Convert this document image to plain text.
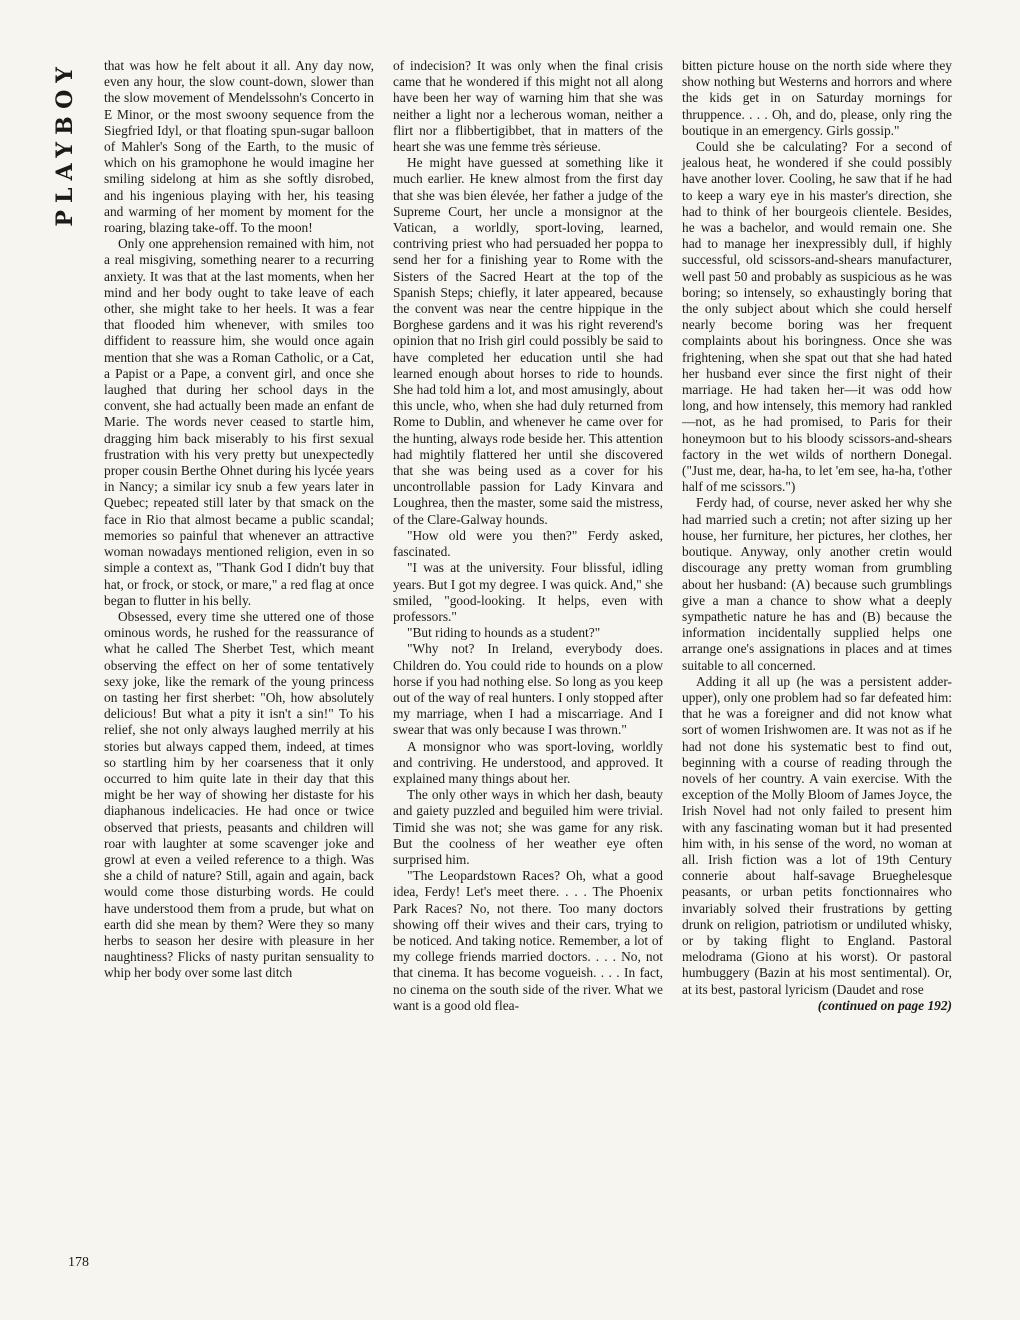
PLAYBOY that was how he felt about it all. Any day now, even any hour, the slow count-down, slower than the slow movement of Mendelssohn's Concerto in E Minor, or the most swoony sequence from the Siegfried Idyl, or that floating spun-sugar balloon of Mahler's Song of the Earth, to the music of which on his gramophone he would imagine her smiling sidelong at him as she softly disrobed, and his ingenious playing with her, his teasing and warming of her moment by moment for the roaring, blazing take-off. To the moon!

Only one apprehension remained with him, not a real misgiving, something nearer to a recurring anxiety. It was that at the last moments, when her mind and her body ought to take leave of each other, she might take to her heels. It was a fear that flooded him whenever, with smiles too diffident to reassure him, she would once again mention that she was a Roman Catholic, or a Cat, a Papist or a Pape, a convent girl, and once she laughed that during her school days in the convent, she had actually been made an enfant de Marie. The words never ceased to startle him, dragging him back miserably to his first sexual frustration with his very pretty but unexpectedly proper cousin Berthe Ohnet during his lycée years in Nancy; a similar icy snub a few years later in Quebec; repeated still later by that smack on the face in Rio that almost became a public scandal; memories so painful that whenever an attractive woman nowadays mentioned religion, even in so simple a context as, "Thank God I didn't buy that hat, or frock, or stock, or mare," a red flag at once began to flutter in his belly.

Obsessed, every time she uttered one of those ominous words, he rushed for the reassurance of what he called The Sherbet Test, which meant observing the effect on her of some tentatively sexy joke, like the remark of the young princess on tasting her first sherbet: "Oh, how absolutely delicious! But what a pity it isn't a sin!" To his relief, she not only always laughed merrily at his stories but always capped them, indeed, at times so startling him by her coarseness that it only occurred to him quite late in their day that this might be her way of showing her distaste for his diaphanous indelicacies. He had once or twice observed that priests, peasants and children will roar with laughter at some scavenger joke and growl at even a veiled reference to a thigh. Was she a child of nature? Still, again and again, back would come those disturbing words. He could have understood them from a prude, but what on earth did she mean by them? Were they so many herbs to season her desire with pleasure in her naughtiness? Flicks of nasty puritan sensuality to whip her body over some last ditch

of indecision? It was only when the final crisis came that he wondered if this might not all along have been her way of warning him that she was neither a light nor a lecherous woman, neither a flirt nor a flibbertigibbet, that in matters of the heart she was une femme très sérieuse.

He might have guessed at something like it much earlier. He knew almost from the first day that she was bien élevée, her father a judge of the Supreme Court, her uncle a monsignor at the Vatican, a worldly, sport-loving, learned, contriving priest who had persuaded her poppa to send her for a finishing year to Rome with the Sisters of the Sacred Heart at the top of the Spanish Steps; chiefly, it later appeared, because the convent was near the centre hippique in the Borghese gardens and it was his right reverend's opinion that no Irish girl could possibly be said to have completed her education until she had learned enough about horses to ride to hounds. She had told him a lot, and most amusingly, about this uncle, who, when she had duly returned from Rome to Dublin, and whenever he came over for the hunting, always rode beside her. This attention had mightily flattered her until she discovered that she was being used as a cover for his uncontrollable passion for Lady Kinvara and Loughrea, then the master, some said the mistress, of the Clare-Galway hounds.

"How old were you then?" Ferdy asked, fascinated.

"I was at the university. Four blissful, idling years. But I got my degree. I was quick. And," she smiled, "good-looking. It helps, even with professors."

"But riding to hounds as a student?"

"Why not? In Ireland, everybody does. Children do. You could ride to hounds on a plow horse if you had nothing else. So long as you keep out of the way of real hunters. I only stopped after my marriage, when I had a miscarriage. And I swear that was only because I was thrown."

A monsignor who was sport-loving, worldly and contriving. He understood, and approved. It explained many things about her.

The only other ways in which her dash, beauty and gaiety puzzled and beguiled him were trivial. Timid she was not; she was game for any risk. But the coolness of her weather eye often surprised him.

"The Leopardstown Races? Oh, what a good idea, Ferdy! Let's meet there. . . . The Phoenix Park Races? No, not there. Too many doctors showing off their wives and their cars, trying to be noticed. And taking notice. Remember, a lot of my college friends married doctors. . . . No, not that cinema. It has become vogueish. . . . In fact, no cinema on the south side of the river. What we want is a good old flea-

bitten picture house on the north side where they show nothing but Westerns and horrors and where the kids get in on Saturday mornings for thruppence. . . . Oh, and do, please, only ring the boutique in an emergency. Girls gossip."

Could she be calculating? For a second of jealous heat, he wondered if she could possibly have another lover. Cooling, he saw that if he had to keep a wary eye in his master's direction, she had to think of her bourgeois clientele. Besides, he was a bachelor, and would remain one. She had to manage her inexpressibly dull, if highly successful, old scissors-and-shears manufacturer, well past 50 and probably as suspicious as he was boring; so intensely, so exhaustingly boring that the only subject about which she could herself nearly become boring was her frequent complaints about his boringness. Once she was frightening, when she spat out that she had hated her husband ever since the first night of their marriage. He had taken her—it was odd how long, and how intensely, this memory had rankled—not, as he had promised, to Paris for their honeymoon but to his bloody scissors-and-shears factory in the wet wilds of northern Donegal. ("Just me, dear, ha-ha, to let 'em see, ha-ha, t'other half of me scissors.")

Ferdy had, of course, never asked her why she had married such a cretin; not after sizing up her house, her furniture, her pictures, her clothes, her boutique. Anyway, only another cretin would discourage any pretty woman from grumbling about her husband: (A) because such grumblings give a man a chance to show what a deeply sympathetic nature he has and (B) because the information incidentally supplied helps one arrange one's assignations in places and at times suitable to all concerned.

Adding it all up (he was a persistent adder-upper), only one problem had so far defeated him: that he was a foreigner and did not know what sort of women Irishwomen are. It was not as if he had not done his systematic best to find out, beginning with a course of reading through the novels of her country. A vain exercise. With the exception of the Molly Bloom of James Joyce, the Irish Novel had not only failed to present him with any fascinating woman but it had presented him with, in his sense of the word, no woman at all. Irish fiction was a lot of 19th Century connerie about half-savage Brueghelesque peasants, or urban petits fonctionnaires who invariably solved their frustrations by getting drunk on religion, patriotism or undiluted whisky, or by taking flight to England. Pastoral melodrama (Giono at his worst). Or pastoral humbuggery (Bazin at his most sentimental). Or, at its best, pastoral lyricism (Daudet and rose

(continued on page 192)

178
